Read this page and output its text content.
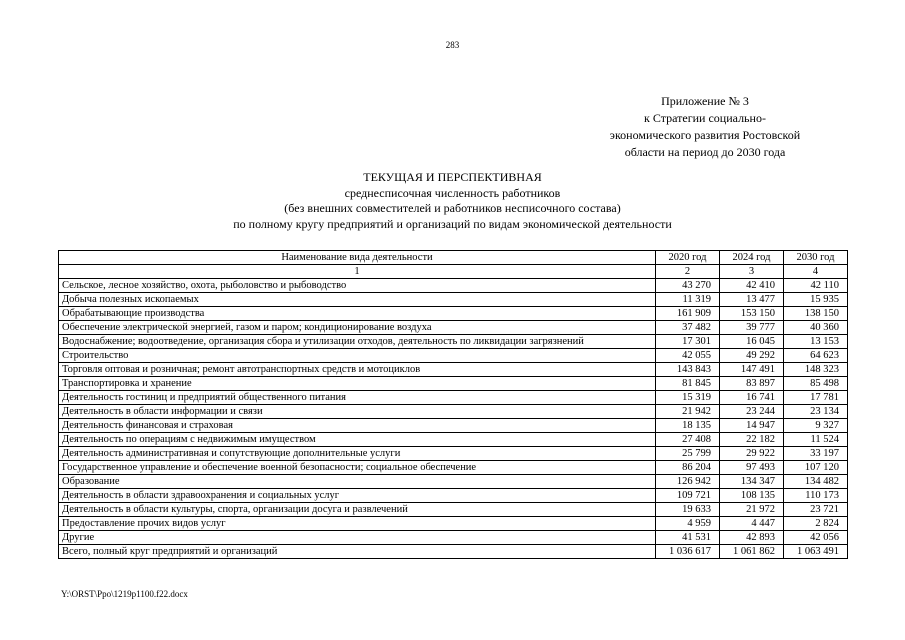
283
Приложение № 3
к Стратегии социально-
экономического развития Ростовской
области на период до 2030 года
ТЕКУЩАЯ И ПЕРСПЕКТИВНАЯ
среднесписочная численность работников
(без внешних совместителей и работников несписочного состава)
по полному кругу предприятий и организаций по видам экономической деятельности
Наименование вида деятельности	2020 год	2024 год	2030 год
1	2	3	4
Сельское, лесное хозяйство, охота, рыболовство и рыбоводство	43 270	42 410	42 110
Добыча полезных ископаемых	11 319	13 477	15 935
Обрабатывающие производства	161 909	153 150	138 150
Обеспечение электрической энергией, газом и паром; кондиционирование воздуха	37 482	39 777	40 360
Водоснабжение; водоотведение, организация сбора и утилизации отходов, деятельность по ликвидации загрязнений	17 301	16 045	13 153
Строительство	42 055	49 292	64 623
Торговля оптовая и розничная; ремонт автотранспортных средств и мотоциклов	143 843	147 491	148 323
Транспортировка и хранение	81 845	83 897	85 498
Деятельность гостиниц и предприятий общественного питания	15 319	16 741	17 781
Деятельность в области информации и связи	21 942	23 244	23 134
Деятельность финансовая и страховая	18 135	14 947	9 327
Деятельность по операциям с недвижимым имуществом	27 408	22 182	11 524
Деятельность административная и сопутствующие дополнительные услуги	25 799	29 922	33 197
Государственное управление и обеспечение военной безопасности; социальное обеспечение	86 204	97 493	107 120
Образование	126 942	134 347	134 482
Деятельность в области здравоохранения и социальных услуг	109 721	108 135	110 173
Деятельность в области культуры, спорта, организации досуга и развлечений	19 633	21 972	23 721
Предоставление прочих видов услуг	4 959	4 447	2 824
Другие	41 531	42 893	42 056
Всего, полный круг предприятий и организаций	1 036 617	1 061 862	1 063 491
Y:\ORST\Ppo\1219p1100.f22.docx
